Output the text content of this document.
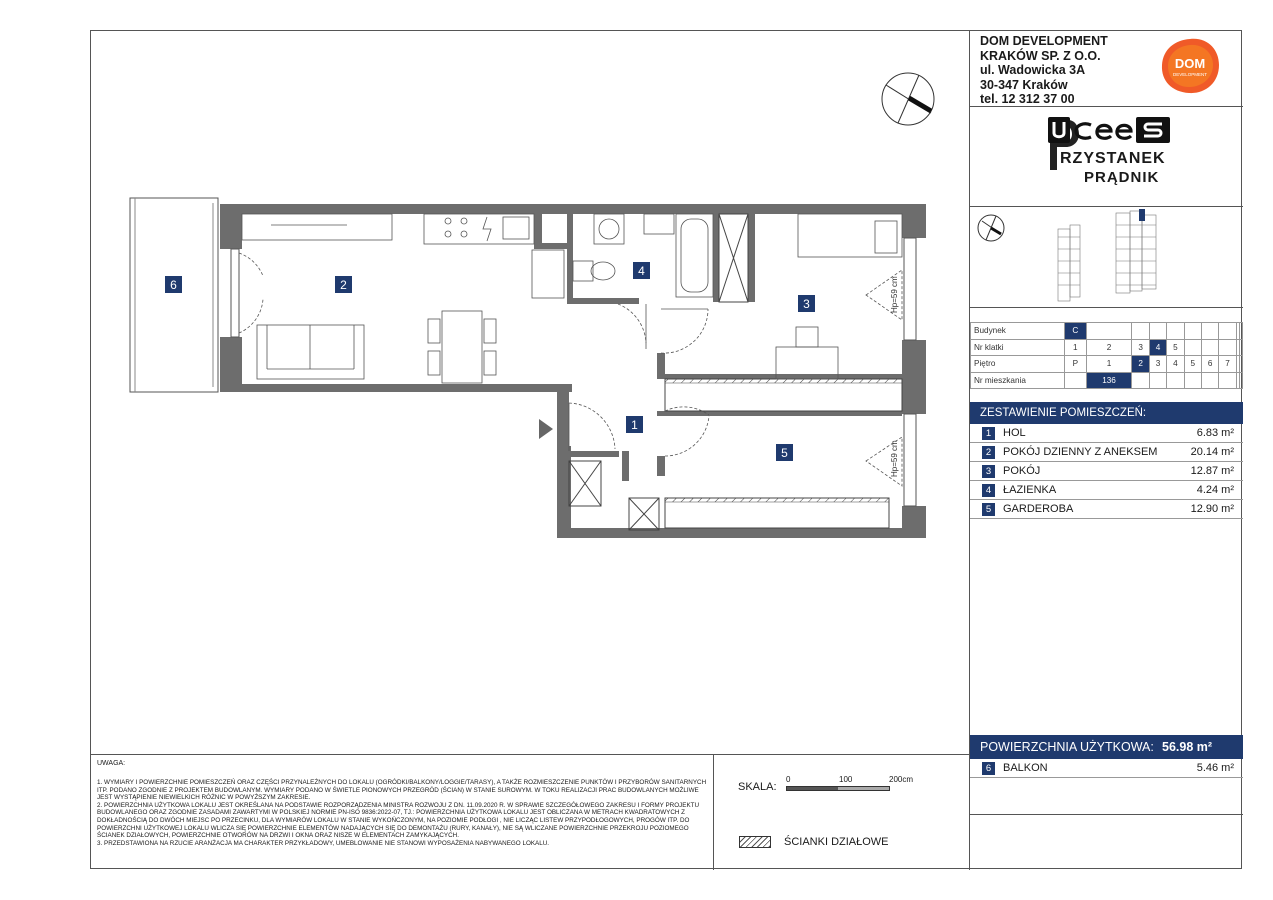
6	2
4
3
1
5
Hp=59 cm
Hp=59 cm
UWAGA:

1. WYMIARY I POWIERZCHNIE POMIESZCZEŃ ORAZ CZĘŚCI PRZYNALEŻNYCH DO LOKALU (OGRÓDKI/BALKONY/LOGGIE/TARASY), A TAKŻE ROZMIESZCZENIE PUNKTÓW I PRZYBORÓW SANITARNYCH ITP. PODANO ZGODNIE Z PROJEKTEM BUDOWLANYM. WYMIARY PODANO W ŚWIETLE PIONOWYCH PRZEGRÓD (ŚCIAN) W STANIE SUROWYM. W TOKU REALIZACJI PRAC BUDOWLANYCH MOŻLIWE JEST WYSTĄPIENIE NIEWIELKICH RÓŻNIC W POWYŻSZYM ZAKRESIE.

2. POWIERZCHNIA UŻYTKOWA LOKALU JEST OKREŚLANA NA PODSTAWIE ROZPORZĄDZENIA MINISTRA ROZWOJU Z DN. 11.09.2020 R. W SPRAWIE SZCZEGÓŁOWEGO ZAKRESU I FORMY PROJEKTU BUDOWLANEGO ORAZ ZGODNIE ZASADAMI ZAWARTYMI W POLSKIEJ NORMIE PN-ISO 9836:2022-07, TJ.: POWIERZCHNIA UŻYTKOWA LOKALU JEST OBLICZANA W METRACH KWADRATOWYCH Z DOKŁADNOŚCIĄ DO DWÓCH MIEJSC PO PRZECINKU, DLA WYMIARÓW LOKALU W STANIE WYKOŃCZONYM, NA POZIOMIE PODŁOGI , NIE LICZĄC LISTEW PRZYPODŁOGOWYCH, PROGÓW ITP. DO POWIERZCHNI UŻYTKOWEJ LOKALU WLICZA SIĘ POWIERZCHNIE ELEMENTÓW NADAJĄCYCH SIĘ DO DEMONTAŻU (RURY, KANAŁY), NIE SĄ WLICZANE POWIERZCHNIE PRZEKROJU POZIOMEGO ŚCIANEK DZIAŁOWYCH, POWIERZCHNIE OTWORÓW NA DRZWI I OKNA ORAZ NISZE W ELEMENTACH ZAMYKAJĄCYCH.

3. PRZEDSTAWIONA NA RZUCIE ARANŻACJA MA CHARAKTER PRZYKŁADOWY, UMEBLOWANIE NIE STANOWI WYPOSAŻENIA NABYWANEGO LOKALU.

SKALA:
0	100	200cm
ŚCIANKI DZIAŁOWE
DOM DEVELOPMENT
KRAKÓW SP. Z O.O.
ul. Wadowicka 3A
30-347 Kraków
tel. 12 312 37 00
DOM
DEVELOPMENT
RZYSTANEK
PRĄDNIK
Budynek	C									
Nr klatki	1	2	3	4	5					
Piętro	P	1	2	3	4	5	6	7		
Nr mieszkania		136								
ZESTAWIENIE POMIESZCZEŃ:
1	HOL	6.83 m²
2	POKÓJ DZIENNY Z ANEKSEM	20.14 m²
3	POKÓJ	12.87 m²
4	ŁAZIENKA	4.24 m²
5	GARDEROBA	12.90 m²
POWIERZCHNIA UŻYTKOWA: 56.98 m²
6	BALKON	5.46 m²
